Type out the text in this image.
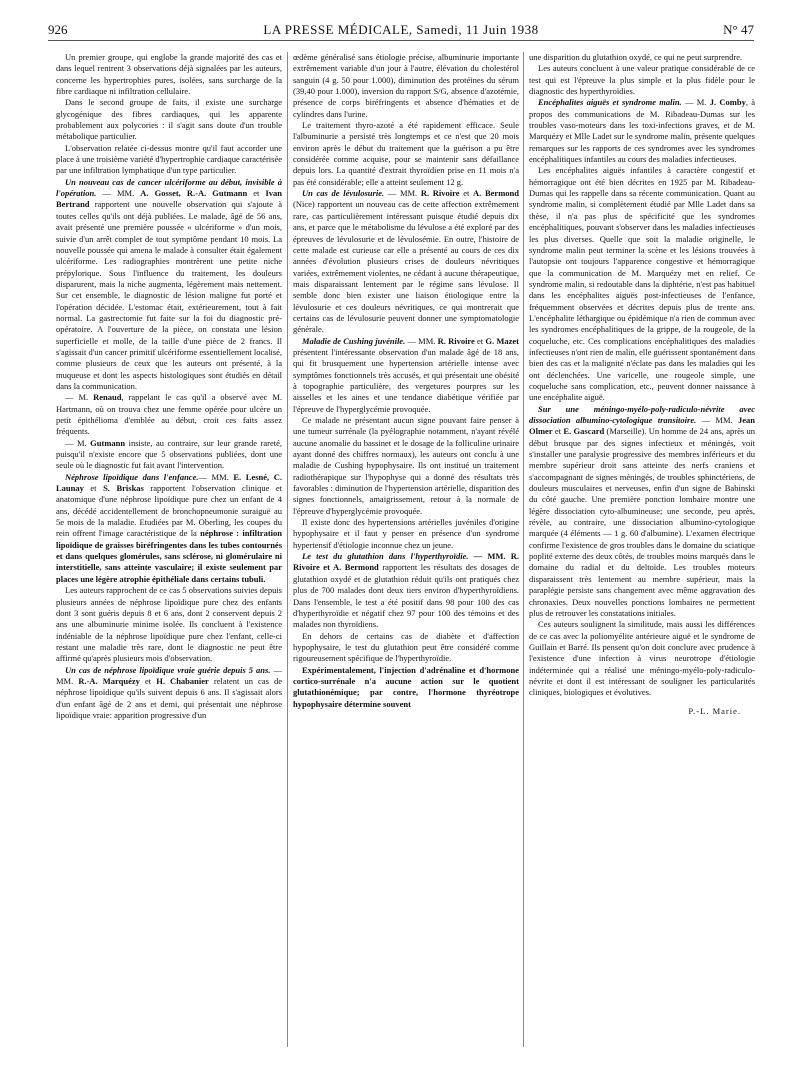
926	LA PRESSE MÉDICALE, Samedi, 11 Juin 1938	N° 47

Un premier groupe, qui englobe la grande majorité des cas et dans lequel rentrent 3 observations déjà signalées par les auteurs, concerne les hypertrophies pures, isolées, sans surcharge de la fibre cardiaque ni infiltration cellulaire.

Dans le second groupe de faits, il existe une surcharge glycogénique des fibres cardiaques, qui les apparente probablement aux polycories : il s'agit sans doute d'un trouble métabolique particulier.

L'observation relatée ci-dessus montre qu'il faut accorder une place à une troisième variété d'hypertrophie cardiaque caractérisée par une infiltration lymphatique d'un type particulier.

Un nouveau cas de cancer ulcériforme au début, invisible à l'opération. — MM. A. Gosset, R.-A. Gutmann et Ivan Bertrand rapportent une nouvelle observation qui s'ajoute à toutes celles qu'ils ont déjà publiées. Le malade, âgé de 56 ans, avait présenté une première poussée « ulcériforme » d'un mois, suivie d'un arrêt complet de tout symptôme pendant 10 mois. La nouvelle poussée qui amena le malade à consulter était également ulcériforme. Les radiographies montrèrent une petite niche prépylorique. Sous l'influence du traitement, les douleurs disparurent, mais la niche augmenta, légèrement mais nettement. Sur cet ensemble, le diagnostic de lésion maligne fut porté et l'opération décidée. L'estomac était, extérieurement, tout à fait normal. La gastrectomie fut faite sur la foi du diagnostic pré-opératoire. A l'ouverture de la pièce, on constata une lésion superficielle et molle, de la taille d'une pièce de 2 francs. Il s'agissait d'un cancer primitif ulcériforme essentiellement localisé, comme plusieurs de ceux que les auteurs ont présenté, à la muqueuse et dont les aspects histologiques sont étudiés en détail dans la communication.

— M. Renaud, rappelant le cas qu'il a observé avec M. Hartmann, où on trouva chez une femme opérée pour ulcère un petit épithélioma d'emblée au début, croit ces faits assez fréquents.

— M. Gutmann insiste, au contraire, sur leur grande rareté, puisqu'il n'existe encore que 5 observations publiées, dont une seule où le diagnostic fut fait avant l'intervention.

Néphrose lipoïdique dans l'enfance.— MM. E. Lesné, C. Launay et S. Briskas rapportent l'observation clinique et anatomique d'une néphrose lipoïdique pure chez un enfant de 4 ans, décédé accidentellement de bronchopneumonie suraiguë au 5e mois de la maladie. Etudiées par M. Oberling, les coupes du rein offrent l'image caractéristique de la néphrose : infiltration lipoïdique de graisses biréfringentes dans les tubes contournés et dans quelques glomérules, sans sclérose, ni glomérulaire ni interstitielle, sans atteinte vasculaire; il existe seulement par places une légère atrophie épithéliale dans certains tubuli.

Les auteurs rapprochent de ce cas 5 observations suivies depuis plusieurs années de néphrose lipoïdique pure chez des enfants dont 3 sont guéris depuis 8 et 6 ans, dont 2 conservent depuis 2 ans une albuminurie minime isolée. Ils concluent à l'existence indéniable de la néphrose lipoïdique pure chez l'enfant, celle-ci restant une maladie très rare, dont le diagnostic ne peut être affirmé qu'après plusieurs mois d'observation.

Un cas de néphrose lipoïdique vraie guérie depuis 5 ans. — MM. R.-A. Marquézy et H. Chabanier relatent un cas de néphrose lipoïdique qu'ils suivent depuis 6 ans. Il s'agissait alors d'un enfant âgé de 2 ans et demi, qui présentait une néphrose lipoïdique vraie: apparition progressive d'un

œdème généralisé sans étiologie précise, albuminurie importante extrêmement variable d'un jour à l'autre, élévation du cholestérol sanguin (4 g. 50 pour 1.000), diminution des protéines du sérum (39,40 pour 1.000), inversion du rapport S/G, absence d'azotémie, présence de corps biréfringents et absence d'hématies et de cylindres dans l'urine.

Le traitement thyro-azoté a été rapidement efficace. Seule l'albuminurie a persisté très longtemps et ce n'est que 20 mois environ après le début du traitement que la guérison a pu être considérée comme acquise, pour se maintenir sans défaillance depuis lors. La quantité d'extrait thyroïdien prise en 11 mois n'a pas été considérable; elle a atteint seulement 12 g.

Un cas de lévulosurie. — MM. R. Rivoire et A. Bermond (Nice) rapportent un nouveau cas de cette affection extrêmement rare, cas particulièrement intéressant puisque étudié depuis dix ans, et parce que le métabolisme du lévulose a été exploré par des épreuves de lévulosurie et de lévulosémie. En outre, l'histoire de cette malade est curieuse car elle a présenté au cours de ces dix années d'évolution plusieurs crises de douleurs névritiques variées, extrêmement violentes, ne cédant à aucune thérapeutique, mais disparaissant lentement par le régime sans lévulose. Il semble donc bien exister une liaison étiologique entre la lévulosurie et ces douleurs névritiques, ce qui montrerait que certains cas de lévulosurie peuvent donner une symptomatologie générale.

Maladie de Cushing juvénile. — MM. R. Rivoire et G. Mazet présentent l'intéressante observation d'un malade âgé de 18 ans, qui fit brusquement une hypertension artérielle intense avec symptômes fonctionnels très accusés, et qui présentait une obésité à topographie particulière, des vergetures pourpres sur les aisselles et les aines et une tendance diabétique vérifiée par l'épreuve de l'hyperglycémie provoquée.

Ce malade ne présentant aucun signe pouvant faire penser à une tumeur surrénale (la pyélographie notamment, n'ayant révélé aucune anomalie du bassinet et le dosage de la folliculine urinaire ayant donné des chiffres normaux), les auteurs ont conclu à une maladie de Cushing hypophysaire. Ils ont institué un traitement radiothérapique sur l'hypophyse qui a donné des résultats très favorables : diminution de l'hypertension artérielle, disparition des signes fonctionnels, amaigrissement, retour à la normale de l'épreuve d'hyperglycémie provoquée.

Il existe donc des hypertensions artérielles juvéniles d'origine hypophysaire et il faut y penser en présence d'un syndrome hypertensif d'étiologie inconnue chez un jeune.

Le test du glutathion dans l'hyperthyroïdie. — MM. R. Rivoire et A. Bermond rapportent les résultats des dosages de glutathion oxydé et de glutathion réduit qu'ils ont pratiqués chez plus de 700 malades dont deux tiers environ d'hyperthyroïdiens. Dans l'ensemble, le test a été positif dans 98 pour 100 des cas d'hyperthyroïdie et négatif chez 97 pour 100 des témoins et des malades non thyroïdiens.

En dehors de certains cas de diabète et d'affection hypophysaire, le test du glutathion peut être considéré comme rigoureusement spécifique de l'hyperthyroïdie.

Expérimentalement, l'injection d'adrénaline et d'hormone cortico-surrénale n'a aucune action sur le quotient glutathionémique; par contre, l'hormone thyréotrope hypophysaire détermine souvent

une disparition du glutathion oxydé, ce qui ne peut surprendre.

Les auteurs concluent à une valeur pratique considérable de ce test qui est l'épreuve la plus simple et la plus fidèle pour le diagnostic des hyperthyroïdies.

Encéphalites aiguës et syndrome malin. — M. J. Comby, à propos des communications de M. Ribadeau-Dumas sur les troubles vaso-moteurs dans les toxi-infections graves, et de M. Marquézy et Mlle Ladet sur le syndrome malin, présente quelques remarques sur les rapports de ces syndromes avec les syndromes encéphalitiques infantiles au cours des maladies infectieuses.

Les encéphalites aiguës infantiles à caractère congestif et hémorragique ont été bien décrites en 1925 par M. Ribadeau-Dumas qui les rappelle dans sa récente communication. Quant au syndrome malin, si complètement étudié par Mlle Ladet dans sa thèse, il n'a pas plus de spécificité que les syndromes encéphalitiques, pouvant s'observer dans les maladies infectieuses les plus diverses. Quelle que soit la maladie originelle, le syndrome malin peut terminer la scène et les lésions trouvées à l'autopsie ont toujours l'apparence congestive et hémorragique que la communication de M. Marquézy met en relief. Ce syndrome malin, si redoutable dans la diphtérie, n'est pas habituel dans les encéphalites aiguës post-infectieuses de l'enfance, fréquemment observées et décrites depuis plus de trente ans. L'encéphalite léthargique ou épidémique n'a rien de commun avec les syndromes encéphalitiques de la grippe, de la rougeole, de la coqueluche, etc. Ces complications encéphalitiques des maladies infectieuses n'ont rien de malin, elle guérissent spontanément dans bien des cas et la malignité n'éclate pas dans les maladies qui les ont déclenchées. Une varicelle, une rougeole simple, une coqueluche sans complication, etc., peuvent donner naissance à une encéphalite aiguë.

Sur une méningo-myélo-poly-radiculo-névrite avec dissociation albumino-cytologique transitoire. — MM. Jean Olmer et E. Gascard (Marseille). Un homme de 24 ans, après un début brusque par des signes infectieux et méningés, voit s'installer une paralysie progressive des membres inférieurs et du membre supérieur droit sans atteinte des nerfs craniens et s'accompagnant de signes méningés, de troubles sphinctériens, de douleurs musculaires et nerveuses, enfin d'un signe de Babinski du côté gauche. Une première ponction lombaire montre une légère dissociation cyto-albumineuse; une seconde, peu après, révèle, au contraire, une dissociation albumino-cytologique marquée (4 éléments — 1 g. 60 d'albumine). L'examen électrique confirme l'existence de gros troubles dans le domaine du sciatique poplité externe des deux côtés, de troubles moins marqués dans le domaine du radial et du deltoïde. Les troubles moteurs disparaissent très lentement au membre supérieur, mais la paraplégie persiste sans changement avec même aggravation des chronaxies. Deux nouvelles ponctions lombaires ne permettent plus de retrouver les constatations initiales.

Ces auteurs soulignent la similitude, mais aussi les différences de ce cas avec la poliomyélite antérieure aiguë et le syndrome de Guillain et Barré. Ils pensent qu'on doit conclure avec prudence à l'existence d'une infection à virus neurotrope d'étiologie indéterminée qui a réalisé une méningo-myélo-poly-radiculo-névrite et dont il est intéressant de souligner les particularités cliniques, biologiques et évolutives.

P.-L. Marie.
